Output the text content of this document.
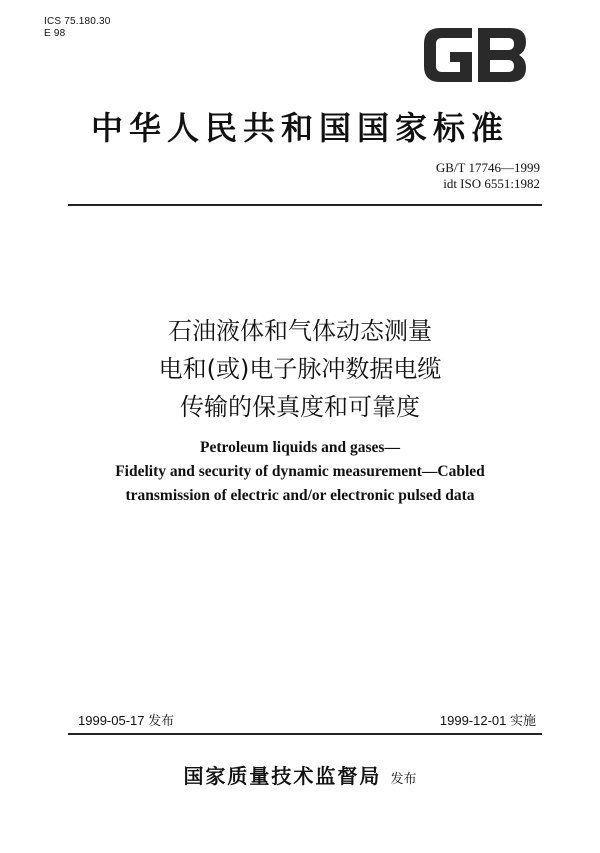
ICS 75.180.30
E 98
中华人民共和国国家标准
GB/T 17746—1999
idt ISO 6551:1982
石油液体和气体动态测量
电和(或)电子脉冲数据电缆
传输的保真度和可靠度
Petroleum liquids and gases—
Fidelity and security of dynamic measurement—Cabled
transmission of electric and/or electronic pulsed data
1999-05-17 发布	1999-12-01 实施
国家质量技术监督局 发布
